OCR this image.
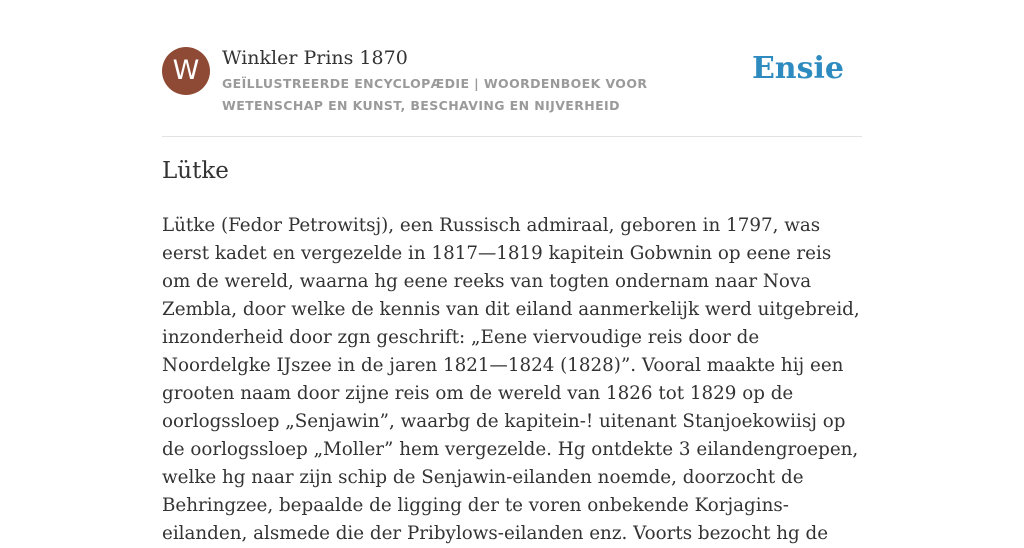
W	Winkler Prins 1870
GEÏLLUSTREERDE ENCYCLOPÆDIE | WOORDENBOEK VOOR WETENSCHAP EN KUNST, BESCHAVING EN NIJVERHEID
Ensie
Lütke

Lütke (Fedor Petrowitsj), een Russisch admiraal, geboren in 1797, was eerst kadet en vergezelde in 1817—1819 kapitein Gobwnin op eene reis om de wereld, waarna hg eene reeks van togten ondernam naar Nova Zembla, door welke de kennis van dit eiland aanmerkelijk werd uitgebreid, inzonderheid door zgn geschrift: „Eene viervoudige reis door de Noordelgke IJszee in de jaren 1821—1824 (1828)”. Vooral maakte hij een grooten naam door zijne reis om de wereld van 1826 tot 1829 op de oorlogssloep „Senjawin”, waarbg de kapitein-! uitenant Stanjoekowiisj op de oorlogssloep „Moller” hem vergezelde. Hg ontdekte 3 eilandengroepen, welke hg naar zijn schip de Senjawin-eilanden noemde, doorzocht de Behringzee, bepaalde de ligging der te voren onbekende Korjagins-eilanden, alsmede die der Pribylows-eilanden enz. Voorts bezocht hg de
